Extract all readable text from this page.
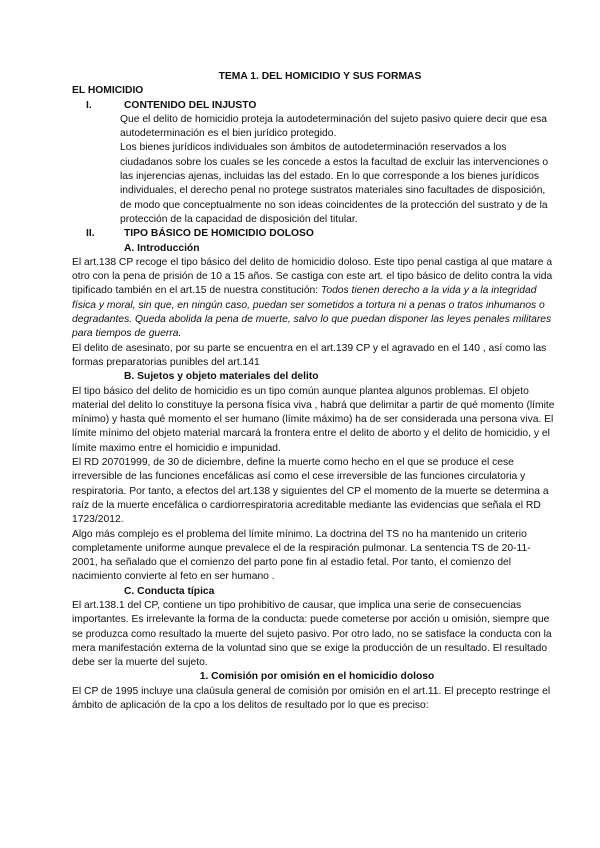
TEMA 1. DEL HOMICIDIO Y SUS FORMAS

EL HOMICIDIO

I.	CONTENIDO DEL INJUSTO

Que el delito de homicidio proteja la autodeterminación del sujeto pasivo quiere decir que esa autodeterminación es el bien jurídico protegido.

Los bienes jurídicos individuales son ámbitos de autodeterminación reservados a los ciudadanos sobre los cuales se les concede a estos la facultad de excluir las intervenciones o las injerencias ajenas, incluidas las del estado. En lo que corresponde a los bienes jurídicos individuales, el derecho penal no protege sustratos materiales sino facultades de disposición, de modo que conceptualmente no son ideas coincidentes de la protección del sustrato y de la protección de la capacidad de disposición del titular.

II.	TIPO BÁSICO DE HOMICIDIO DOLOSO

A. Introducción

El art.138 CP recoge el tipo básico del delito de homicidio doloso. Este tipo penal castiga al que matare a otro con la pena de prisión de 10 a 15 años. Se castiga con este art. el tipo básico de delito contra la vida tipificado también en el art.15 de nuestra constitución: Todos tienen derecho a la vida y a la integridad física y moral, sin que, en ningún caso, puedan ser sometidos a tortura ni a penas o tratos inhumanos o degradantes. Queda abolida la pena de muerte, salvo lo que puedan disponer las leyes penales militares para tiempos de guerra.

El delito de asesinato, por su parte se encuentra en el art.139 CP y el agravado en el 140 , así como las formas preparatorias punibles del art.141

B. Sujetos y objeto materiales del delito

El tipo básico del delito de homicidio es un tipo común aunque plantea algunos problemas. El objeto material del delito lo constituye la persona física viva , habrá que delimitar a partir de qué momento (límite mínimo) y hasta qué momento el ser humano (límite máximo) ha de ser considerada una persona viva. El límite mínimo del objeto material marcará la frontera entre el delito de aborto y el delito de homicidio, y el límite maximo entre el homicidio e impunidad.

El RD 20701999, de 30 de diciembre, define la muerte como hecho en el que se produce el cese irreversible de las funciones encefálicas así como el cese irreversible de las funciones circulatoria y respiratoria. Por tanto, a efectos del art.138 y siguientes del CP el momento de la muerte se determina a raíz de la muerte encefálica o cardiorrespiratoria acreditable mediante las evidencias que señala el RD 1723/2012.

Algo más complejo es el problema del límite mínimo. La doctrina del TS no ha mantenido un criterio completamente uniforme aunque prevalece el de la respiración pulmonar. La sentencia TS de 20-11-2001, ha señalado que el comienzo del parto pone fin al estadio fetal. Por tanto, el comienzo del nacimiento convierte al feto en ser humano .

C. Conducta típica

El art.138.1 del CP, contiene un tipo prohibitivo de causar, que implica una serie de consecuencias importantes. Es irrelevante la forma de la conducta: puede cometerse por acción u omisión, siempre que se produzca como resultado la muerte del sujeto pasivo. Por otro lado, no se satisface la conducta con la mera manifestación externa de la voluntad sino que se exige la producción de un resultado. El resultado debe ser la muerte del sujeto.

1. Comisión por omisión en el homicidio doloso

El CP de 1995 incluye una claúsula general de comisión por omisión en el art.11. El precepto restringe el ámbito de aplicación de la cpo a los delitos de resultado por lo que es preciso:
